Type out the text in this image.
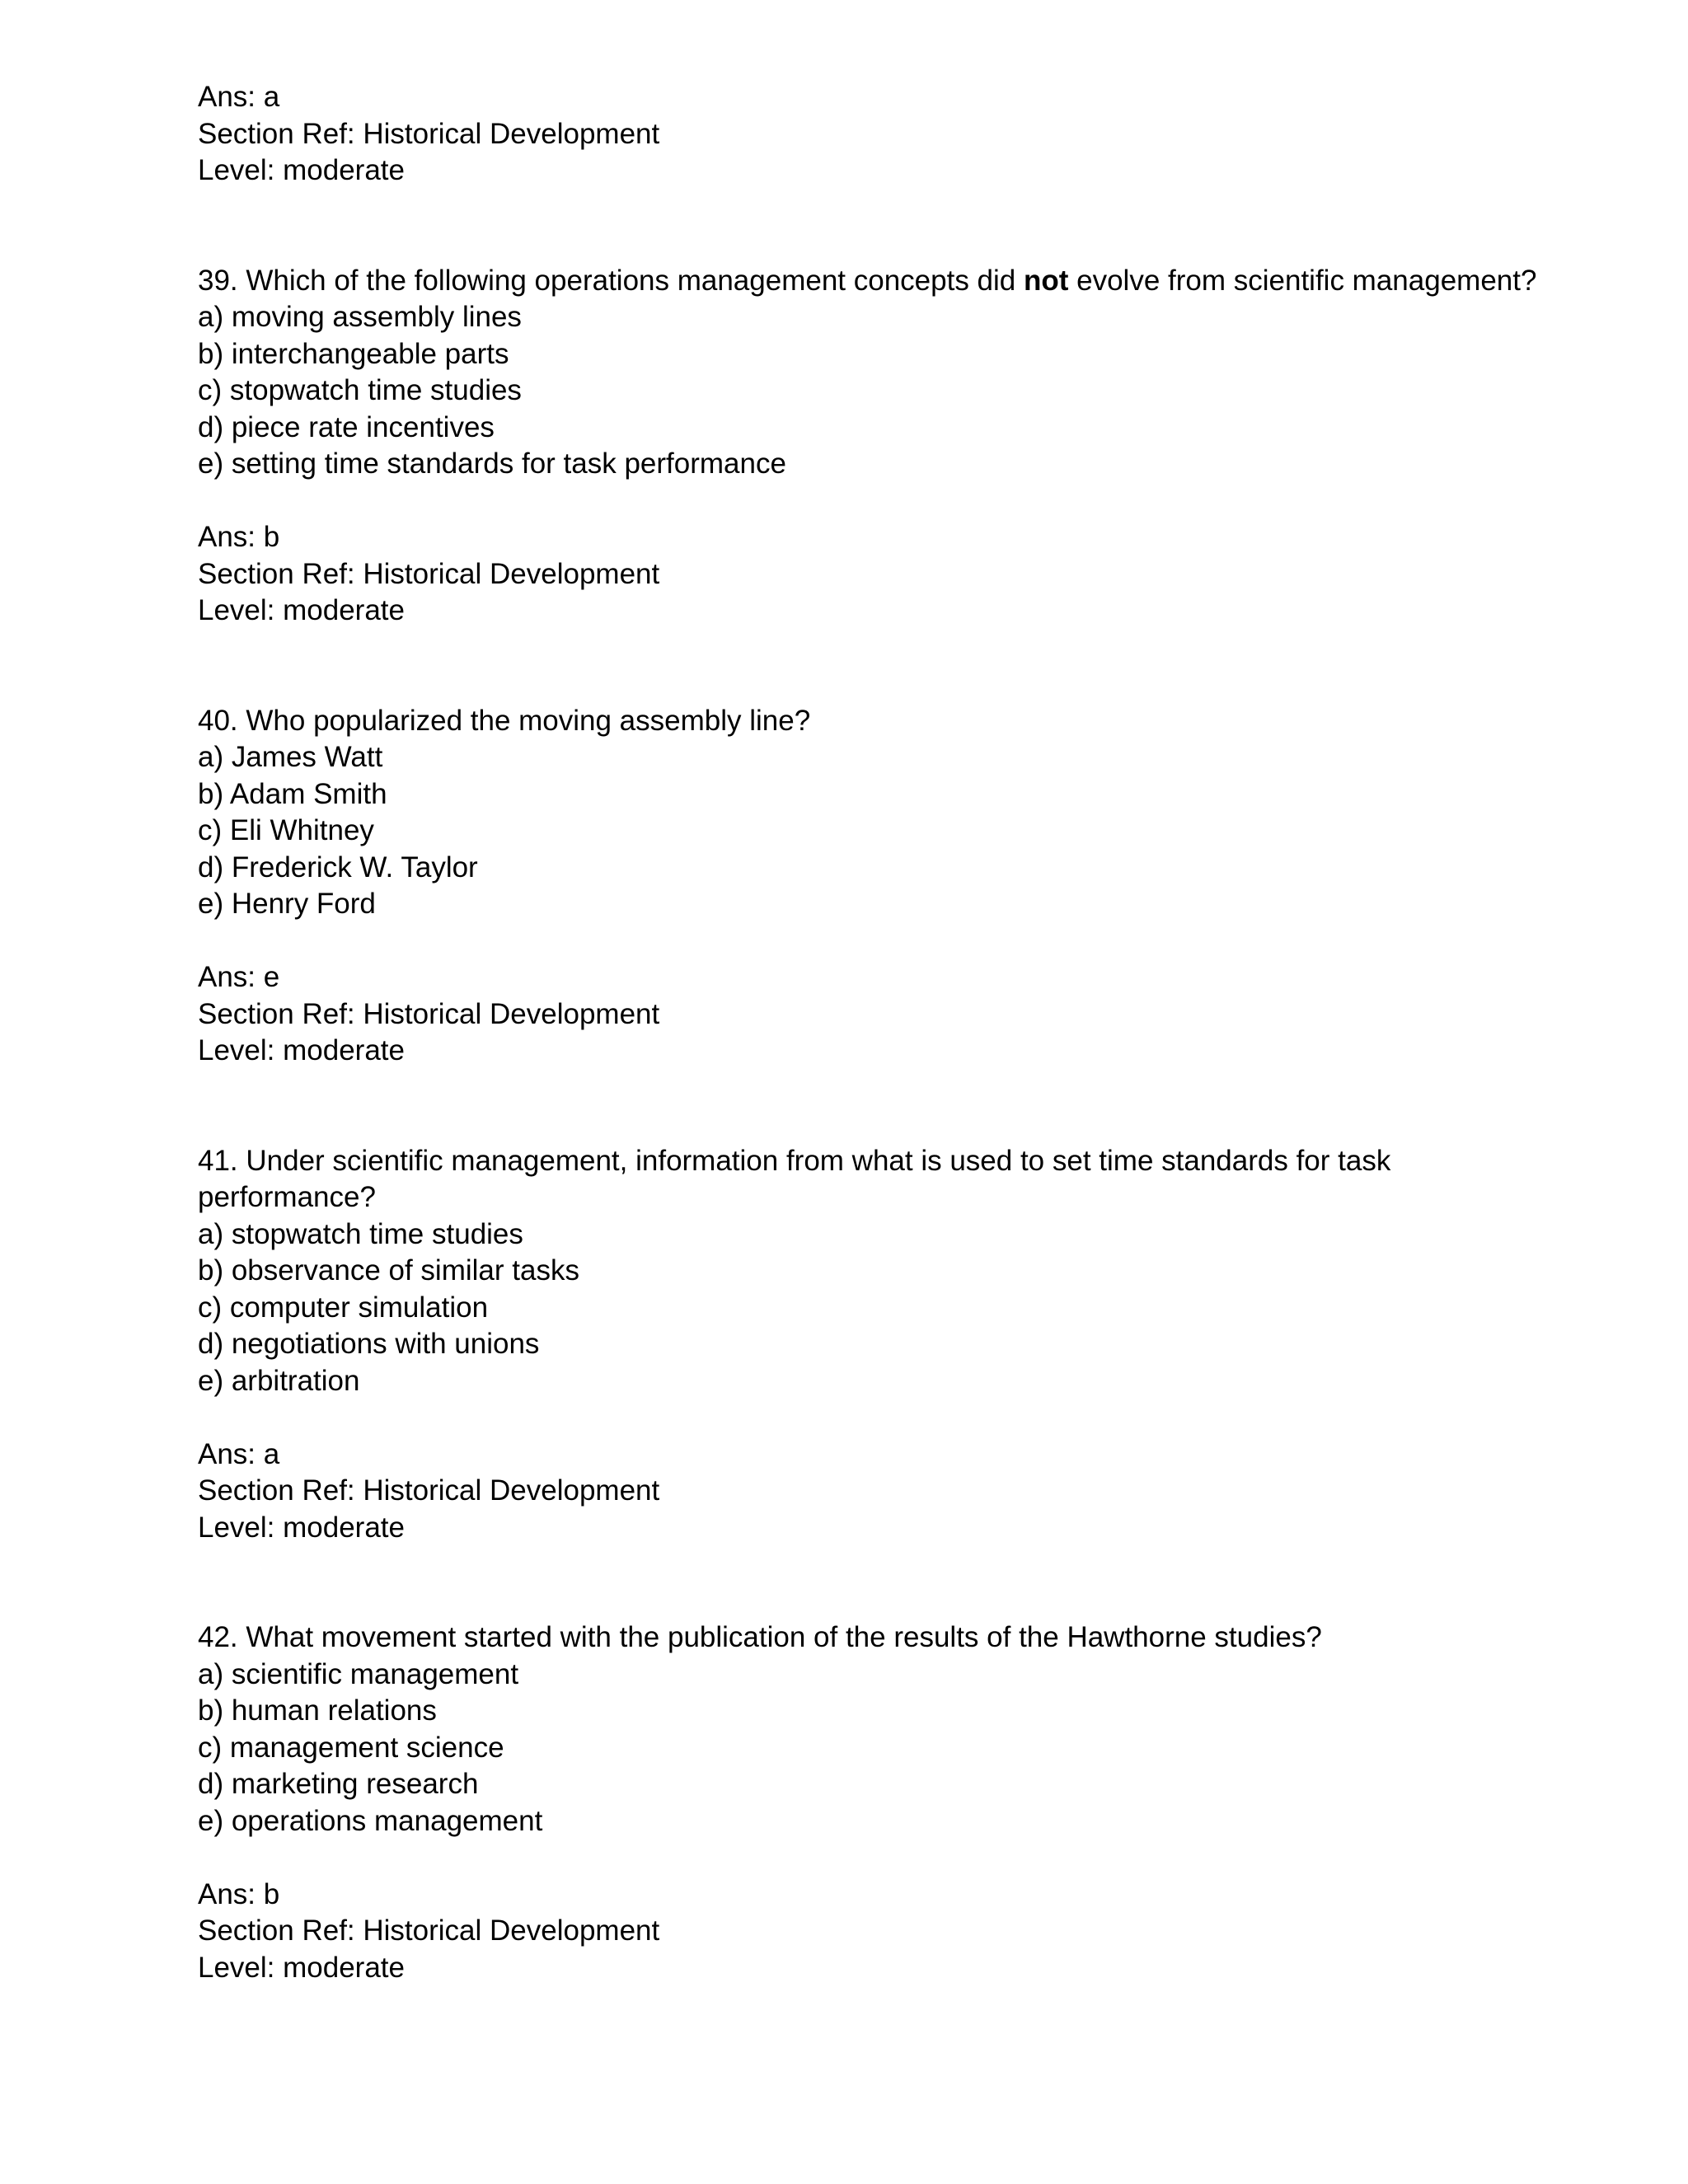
Ans: a
Section Ref: Historical Development
Level: moderate
39. Which of the following operations management concepts did not evolve from scientific management?
a) moving assembly lines
b) interchangeable parts
c) stopwatch time studies
d) piece rate incentives
e) setting time standards for task performance
Ans: b
Section Ref: Historical Development
Level: moderate
40. Who popularized the moving assembly line?
a) James Watt
b) Adam Smith
c) Eli Whitney
d) Frederick W. Taylor
e) Henry Ford
Ans: e
Section Ref: Historical Development
Level: moderate
41. Under scientific management, information from what is used to set time standards for task
performance?
a) stopwatch time studies
b) observance of similar tasks
c) computer simulation
d) negotiations with unions
e) arbitration
Ans: a
Section Ref: Historical Development
Level: moderate
42. What movement started with the publication of the results of the Hawthorne studies?
a) scientific management
b) human relations
c) management science
d) marketing research
e) operations management
Ans: b
Section Ref: Historical Development
Level: moderate
